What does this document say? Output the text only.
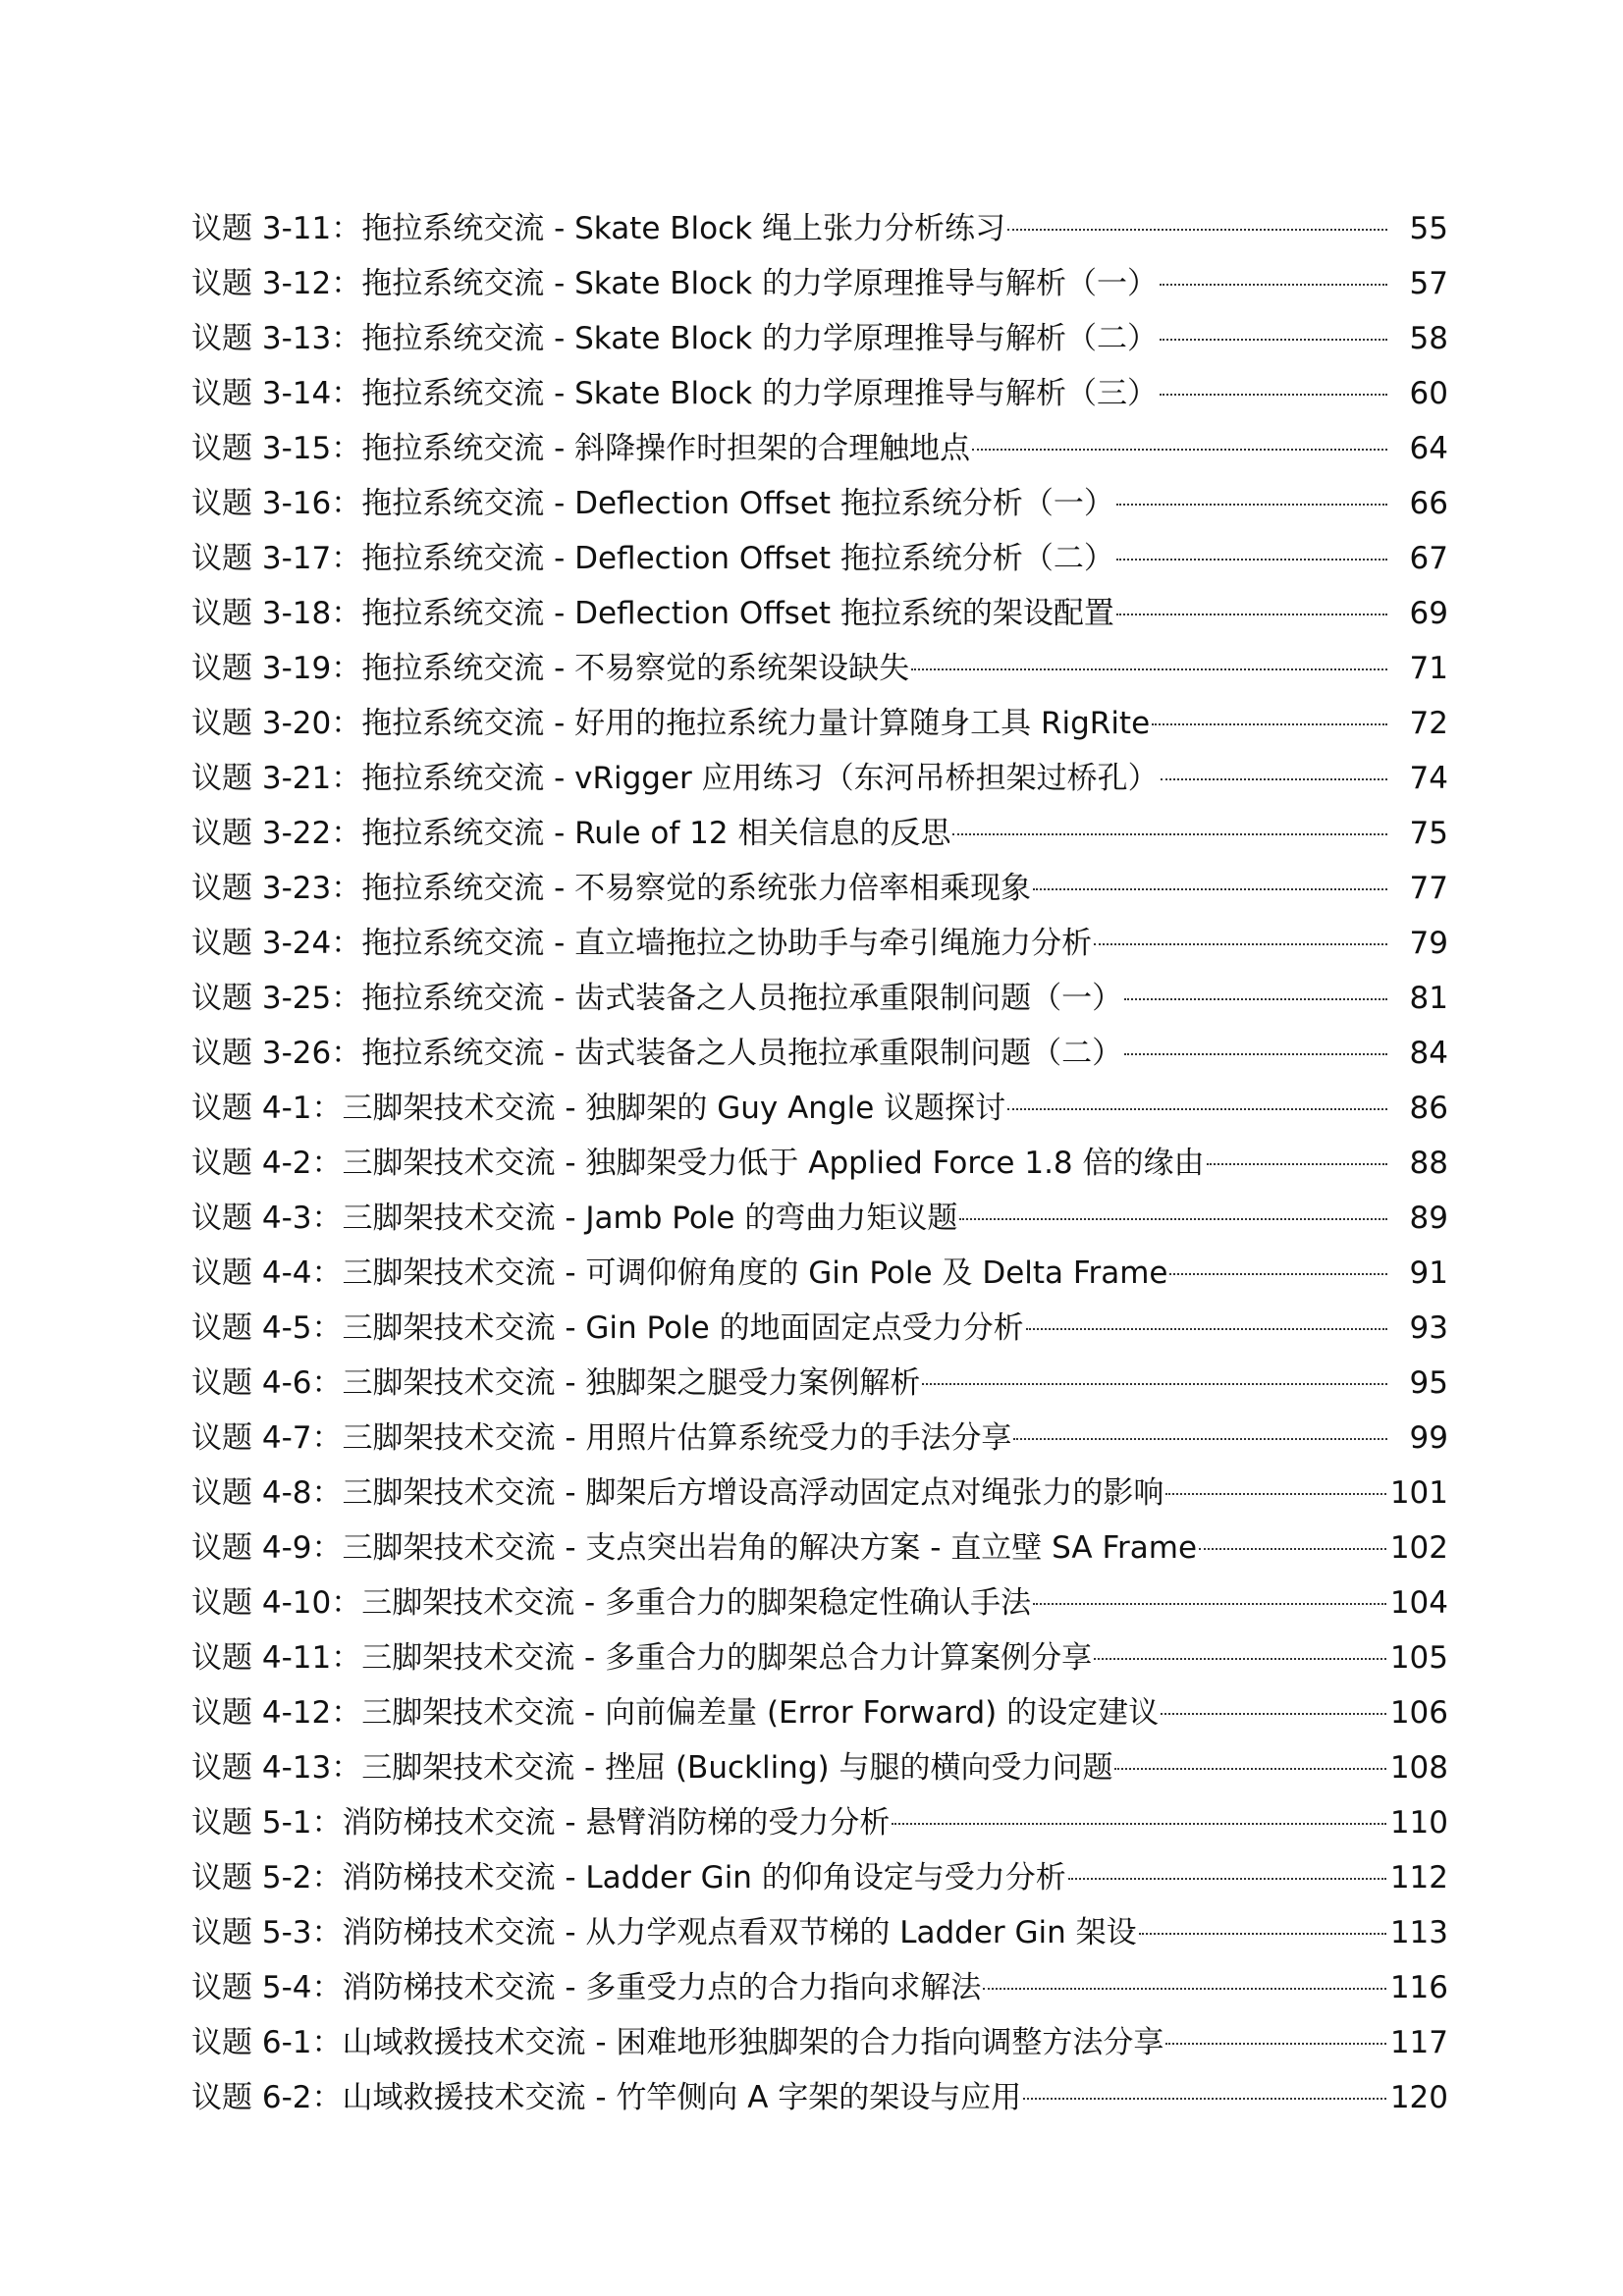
议题 3-11：拖拉系统交流 - Skate Block 绳上张力分析练习	55
议题 3-12：拖拉系统交流 - Skate Block 的力学原理推导与解析（一）	57
议题 3-13：拖拉系统交流 - Skate Block 的力学原理推导与解析（二）	58
议题 3-14：拖拉系统交流 - Skate Block 的力学原理推导与解析（三）	60
议题 3-15：拖拉系统交流 - 斜降操作时担架的合理触地点	64
议题 3-16：拖拉系统交流 - Deflection Offset 拖拉系统分析（一）	66
议题 3-17：拖拉系统交流 - Deflection Offset 拖拉系统分析（二）	67
议题 3-18：拖拉系统交流 - Deflection Offset 拖拉系统的架设配置	69
议题 3-19：拖拉系统交流 - 不易察觉的系统架设缺失	71
议题 3-20：拖拉系统交流 - 好用的拖拉系统力量计算随身工具 RigRite	72
议题 3-21：拖拉系统交流 - vRigger 应用练习（东河吊桥担架过桥孔）	74
议题 3-22：拖拉系统交流 - Rule of 12 相关信息的反思	75
议题 3-23：拖拉系统交流 - 不易察觉的系统张力倍率相乘现象	77
议题 3-24：拖拉系统交流 - 直立墙拖拉之协助手与牵引绳施力分析	79
议题 3-25：拖拉系统交流 - 齿式装备之人员拖拉承重限制问题（一）	81
议题 3-26：拖拉系统交流 - 齿式装备之人员拖拉承重限制问题（二）	84
议题 4-1：三脚架技术交流 - 独脚架的 Guy Angle 议题探讨	86
议题 4-2：三脚架技术交流 - 独脚架受力低于 Applied Force 1.8 倍的缘由	88
议题 4-3：三脚架技术交流 - Jamb Pole 的弯曲力矩议题	89
议题 4-4：三脚架技术交流 - 可调仰俯角度的 Gin Pole 及 Delta Frame	91
议题 4-5：三脚架技术交流 - Gin Pole 的地面固定点受力分析	93
议题 4-6：三脚架技术交流 - 独脚架之腿受力案例解析	95
议题 4-7：三脚架技术交流 - 用照片估算系统受力的手法分享	99
议题 4-8：三脚架技术交流 - 脚架后方增设高浮动固定点对绳张力的影响	101
议题 4-9：三脚架技术交流 - 支点突出岩角的解决方案 - 直立壁 SA Frame	102
议题 4-10：三脚架技术交流 - 多重合力的脚架稳定性确认手法	104
议题 4-11：三脚架技术交流 - 多重合力的脚架总合力计算案例分享	105
议题 4-12：三脚架技术交流 - 向前偏差量 (Error Forward) 的设定建议	106
议题 4-13：三脚架技术交流 - 挫屈 (Buckling) 与腿的横向受力问题	108
议题 5-1：消防梯技术交流 - 悬臂消防梯的受力分析	110
议题 5-2：消防梯技术交流 - Ladder Gin 的仰角设定与受力分析	112
议题 5-3：消防梯技术交流 - 从力学观点看双节梯的 Ladder Gin 架设	113
议题 5-4：消防梯技术交流 - 多重受力点的合力指向求解法	116
议题 6-1：山域救援技术交流 - 困难地形独脚架的合力指向调整方法分享	117
议题 6-2：山域救援技术交流 - 竹竿侧向 A 字架的架设与应用	120
